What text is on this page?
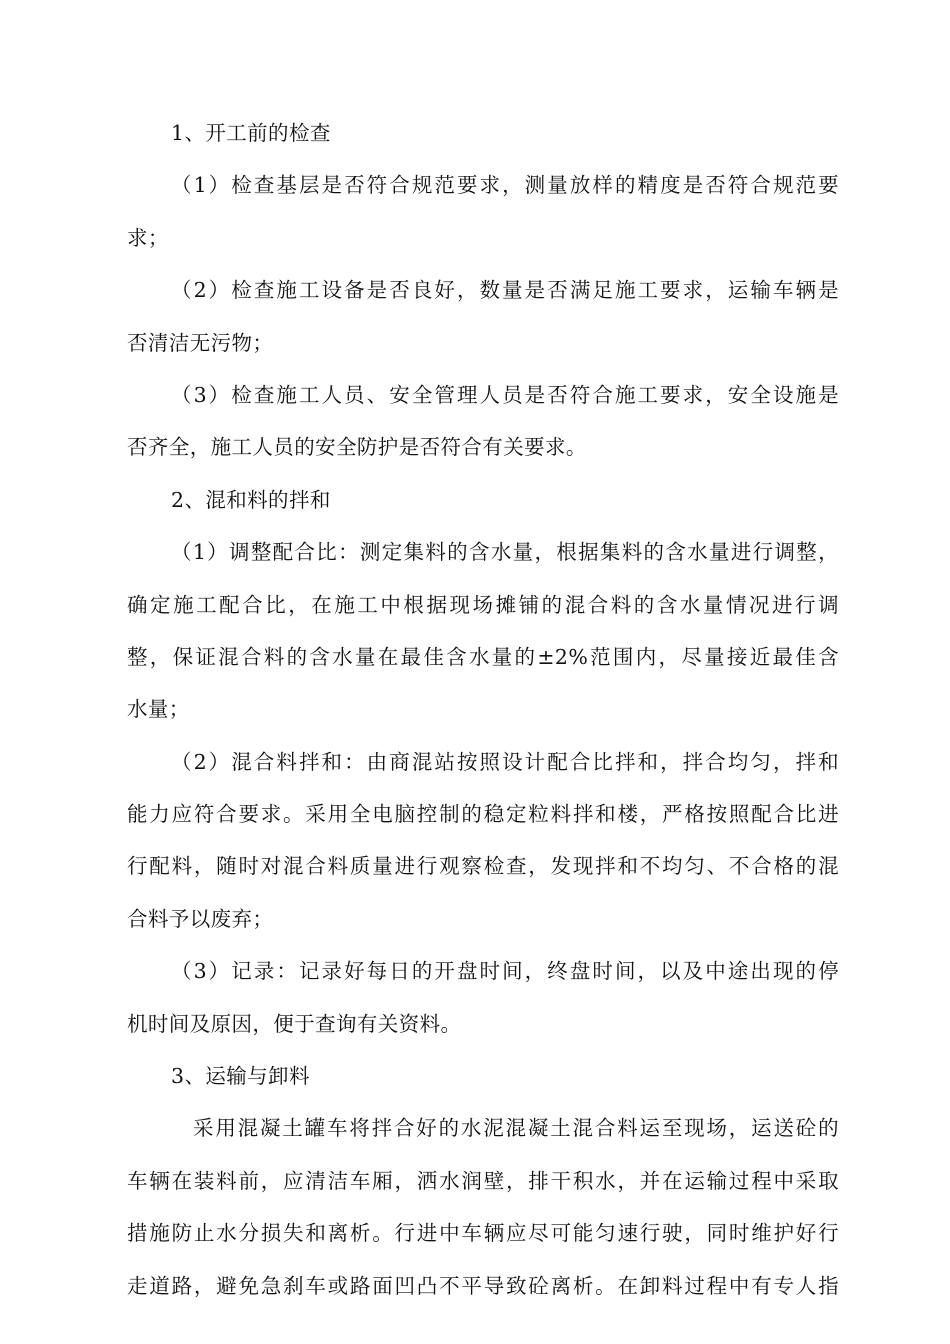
1、开工前的检查
（1）检查基层是否符合规范要求，测量放样的精度是否符合规范要
求；
（2）检查施工设备是否良好，数量是否满足施工要求，运输车辆是
否清洁无污物；
（3）检查施工人员、安全管理人员是否符合施工要求，安全设施是
否齐全，施工人员的安全防护是否符合有关要求。
2、混和料的拌和
（1）调整配合比：测定集料的含水量，根据集料的含水量进行调整，
确定施工配合比，在施工中根据现场摊铺的混合料的含水量情况进行调
整，保证混合料的含水量在最佳含水量的±2%范围内，尽量接近最佳含
水量；
（2）混合料拌和：由商混站按照设计配合比拌和，拌合均匀，拌和
能力应符合要求。采用全电脑控制的稳定粒料拌和楼，严格按照配合比进
行配料，随时对混合料质量进行观察检查，发现拌和不均匀、不合格的混
合料予以废弃；
（3）记录：记录好每日的开盘时间，终盘时间，以及中途出现的停
机时间及原因，便于查询有关资料。
3、运输与卸料
采用混凝土罐车将拌合好的水泥混凝土混合料运至现场，运送砼的
车辆在装料前，应清洁车厢，洒水润壁，排干积水，并在运输过程中采取
措施防止水分损失和离析。行进中车辆应尽可能匀速行驶，同时维护好行
走道路，避免急刹车或路面凹凸不平导致砼离析。在卸料过程中有专人指
